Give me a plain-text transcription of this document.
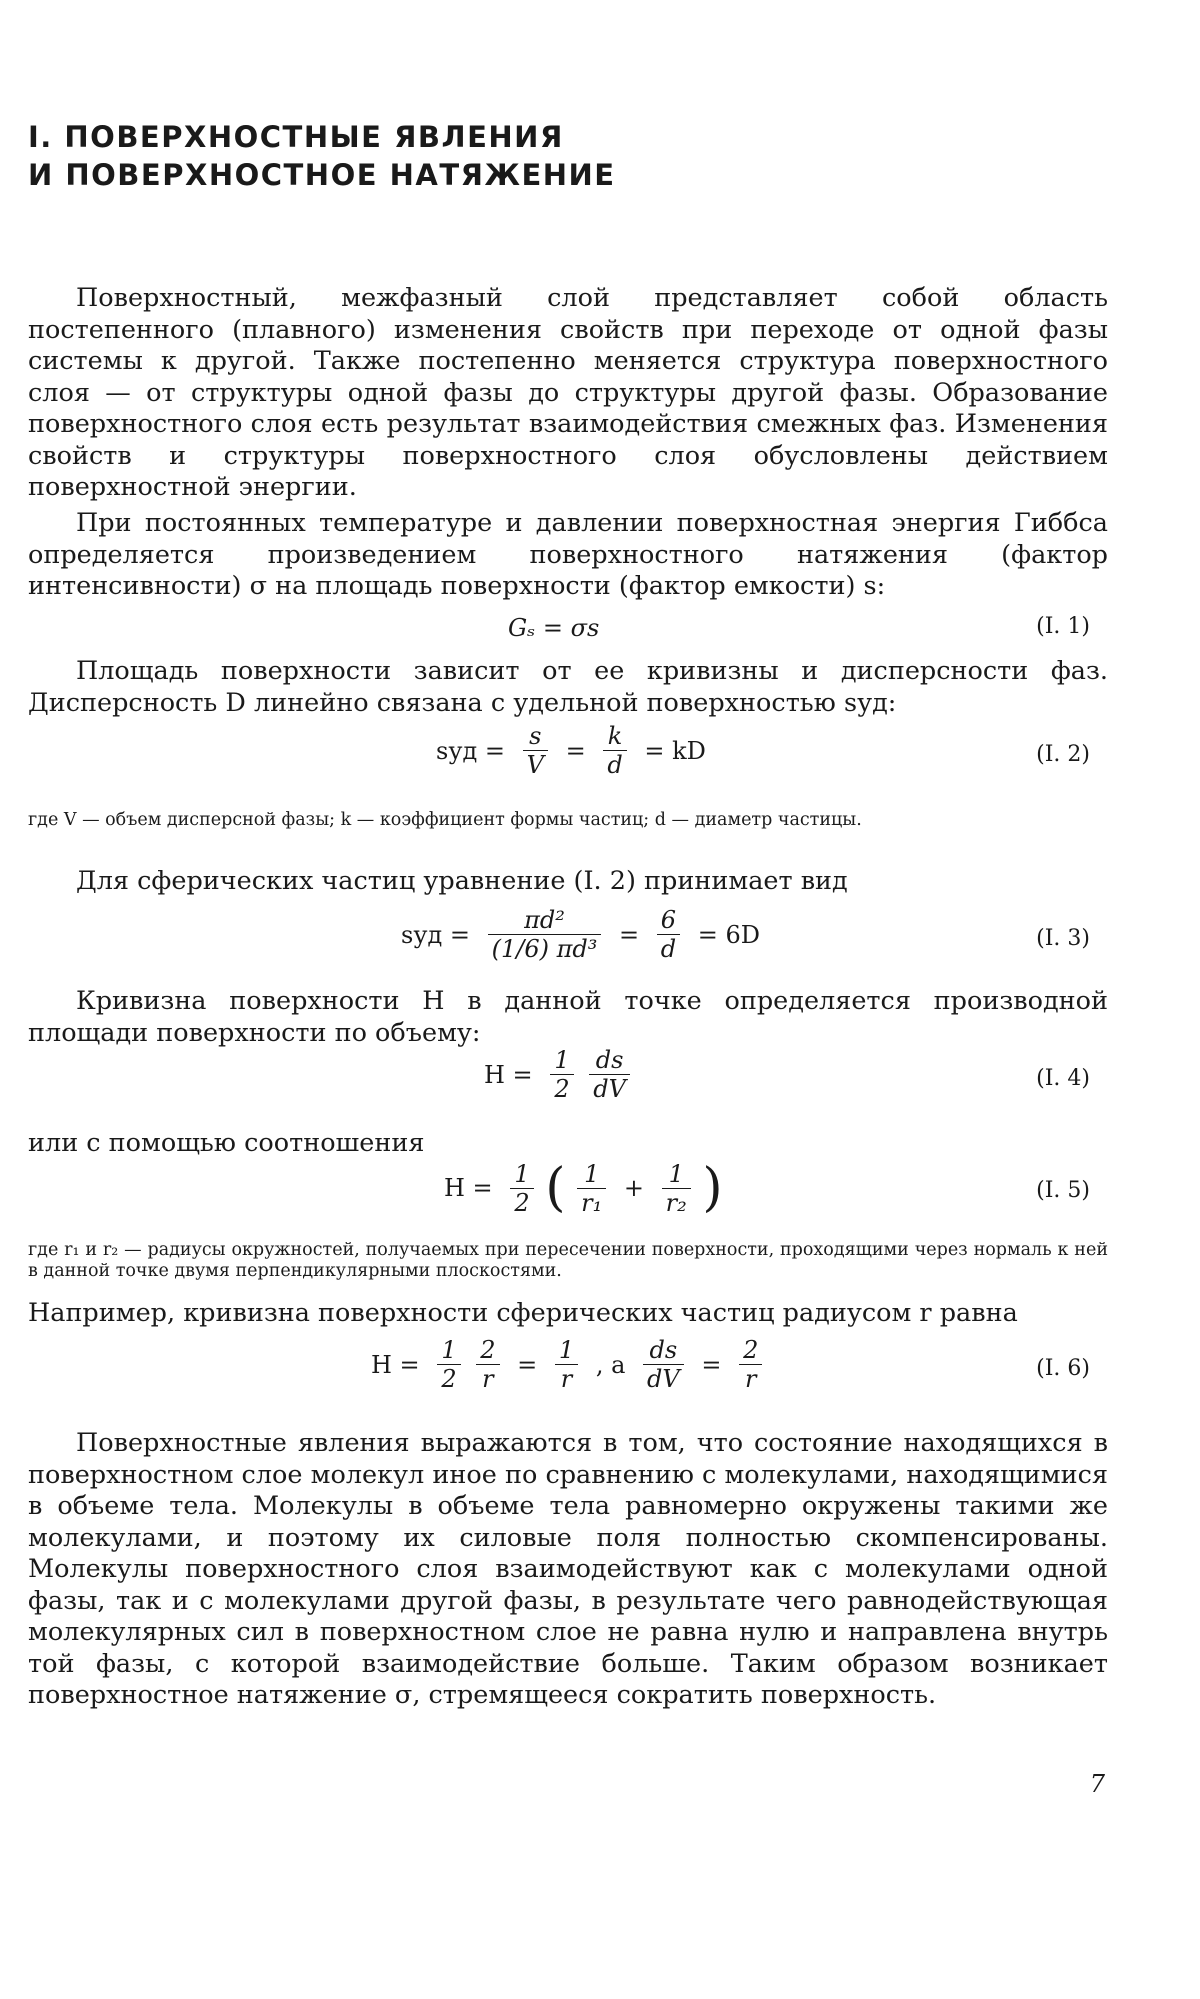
I. ПОВЕРХНОСТНЫЕ ЯВЛЕНИЯ
И ПОВЕРХНОСТНОЕ НАТЯЖЕНИЕ
Поверхностный, межфазный слой представляет собой область постепенного (плавного) изменения свойств при переходе от одной фазы системы к другой. Также постепенно меняется структура поверхностного слоя — от структуры одной фазы до структуры другой фазы. Образование поверхностного слоя есть результат взаимодействия смежных фаз. Изменения свойств и структуры поверхностного слоя обусловлены действием поверхностной энергии.
При постоянных температуре и давлении поверхностная энергия Гиббса определяется произведением поверхностного натяжения (фактор интенсивности) σ на площадь поверхности (фактор емкости) s:
Gₛ = σs	(I. 1)
Площадь поверхности зависит от ее кривизны и дисперсности фаз. Дисперсность D линейно связана с удельной поверхностью sуд:
sуд = $\frac{s}{V} = \frac{k}{d}$ = kD	(I. 2)
где V — объем дисперсной фазы; k — коэффициент формы частиц; d — диаметр частицы.
Для сферических частиц уравнение (I. 2) принимает вид
sуд = $\frac{\text{πd²}}{\text{(1/6) πd³}} = \frac{6}{d} = 6D$	(I. 3)
Кривизна поверхности H в данной точке определяется производной площади поверхности по объему:
$H = \frac{1}{2}$
$\frac{ds}{dV}$	(I. 4)
или с помощью соотношения
$H = \frac{1}{2}$ ( $\frac{1}{\text{r₁}} + \frac{1}{\text{r₂}}$ )	(I. 5)
где r₁ и r₂ — радиусы окружностей, получаемых при пересечении поверхности, проходящими через нормаль к ней в данной точке двумя перпендикулярными плоскостями.
Например, кривизна поверхности сферических частиц радиусом r равна
$H = \frac{1}{2}$
$\frac{2}{r} = \frac{1}{r}$ , а $\frac{ds}{dV} = \frac{2}{r}$	(I. 6)
Поверхностные явления выражаются в том, что состояние находящихся в поверхностном слое молекул иное по сравнению с молекулами, находящимися в объеме тела. Молекулы в объеме тела равномерно окружены такими же молекулами, и поэтому их силовые поля полностью скомпенсированы. Молекулы поверхностного слоя взаимодействуют как с молекулами одной фазы, так и с молекулами другой фазы, в результате чего равнодействующая молекулярных сил в поверхностном слое не равна нулю и направлена внутрь той фазы, с которой взаимодействие больше. Таким образом возникает поверхностное натяжение σ, стремящееся сократить поверхность.
7
